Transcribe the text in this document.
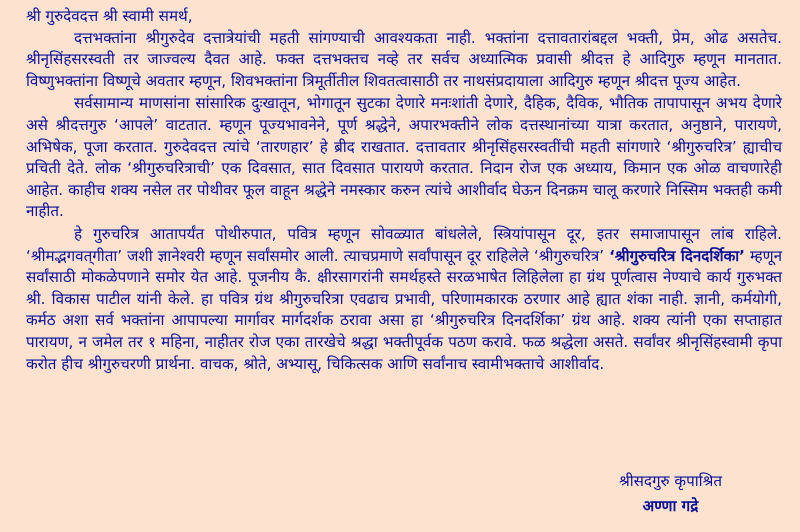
श्री गुरुदेवदत्त श्री स्वामी समर्थ,

दत्तभक्तांना श्रीगुरुदेव दत्तात्रेयांची महती सांगण्याची आवश्यकता नाही. भक्तांना दत्तावतारांबद्दल भक्ती, प्रेम, ओढ असतेच. श्रीनृसिंहसरस्वती तर जाज्वल्य दैवत आहे. फक्त दत्तभक्तच नव्हे तर सर्वच अध्यात्मिक प्रवासी श्रीदत्त हे आदिगुरु म्हणून मानतात. विष्णुभक्तांना विष्णूचे अवतार म्हणून, शिवभक्तांना त्रिमूर्तीतील शिवतत्वासाठी तर नाथसंप्रदायाला आदिगुरु म्हणून श्रीदत्त पूज्य आहेत.

सर्वसामान्य माणसांना सांसारिक दुःखातून, भोगातून सुटका देणारे मनःशांती देणारे, दैहिक, दैविक, भौतिक तापापासून अभय देणारे असे श्रीदत्तगुरु ‘आपले’ वाटतात. म्हणून पूज्यभावनेने, पूर्ण श्रद्धेने, अपारभक्तीने लोक दत्तस्थानांच्या यात्रा करतात, अनुष्ठाने, पारायणे, अभिषेक, पूजा करतात. गुरुदेवदत्त त्यांचे ‘तारणहार’ हे ब्रीद राखतात. दत्तावतार श्रीनृसिंहसरस्वतींची महती सांगणारे ‘श्रीगुरुचरित्र’ ह्याचीच प्रचिती देते. लोक ‘श्रीगुरुचरित्राची’ एक दिवसात, सात दिवसात पारायणे करतात. निदान रोज एक अध्याय, किमान एक ओळ वाचणारेही आहेत. काहीच शक्य नसेल तर पोथीवर फूल वाहून श्रद्धेने नमस्कार करुन त्यांचे आशीर्वाद घेऊन दिनक्रम चालू करणारे निस्सिम भक्तही कमी नाहीत.

हे गुरुचरित्र आतापर्यंत पोथीरुपात, पवित्र म्हणून सोवळ्यात बांधलेले, स्त्रियांपासून दूर, इतर समाजापासून लांब राहिले. ‘श्रीमद्भगवत्‌गीता’ जशी ज्ञानेश्वरी म्हणून सर्वांसमोर आली. त्याचप्रमाणे सर्वांपासून दूर राहिलेले ‘श्रीगुरुचरित्र’ ‘श्रीगुरुचरित्र दिनदर्शिका’ म्हणून सर्वांसाठी मोकळेपणाने समोर येत आहे. पूजनीय कै. क्षीरसागरांनी समर्थहस्ते सरळभाषेत लिहिलेला हा ग्रंथ पूर्णत्वास नेण्याचे कार्य गुरुभक्त श्री. विकास पाटील यांनी केले. हा पवित्र ग्रंथ श्रीगुरुचरित्रा एवढाच प्रभावी, परिणामकारक ठरणार आहे ह्यात शंका नाही. ज्ञानी, कर्मयोगी, कर्मठ अशा सर्व भक्तांना आपापल्या मार्गावर मार्गदर्शक ठरावा असा हा ‘श्रीगुरुचरित्र दिनदर्शिका’ ग्रंथ आहे. शक्य त्यांनी एका सप्ताहात पारायण, न जमेल तर १ महिना, नाहीतर रोज एका तारखेचे श्रद्धा भक्तीपूर्वक पठण करावे. फळ श्रद्धेला असते. सर्वांवर श्रीनृसिंहस्वामी कृपा करोत हीच श्रीगुरुचरणी प्रार्थना. वाचक, श्रोते, अभ्यासू, चिकित्सक आणि सर्वांनाच स्वामीभक्ताचे आशीर्वाद.

श्रीसदगुरु कृपाश्रित
अण्णा गद्रे
